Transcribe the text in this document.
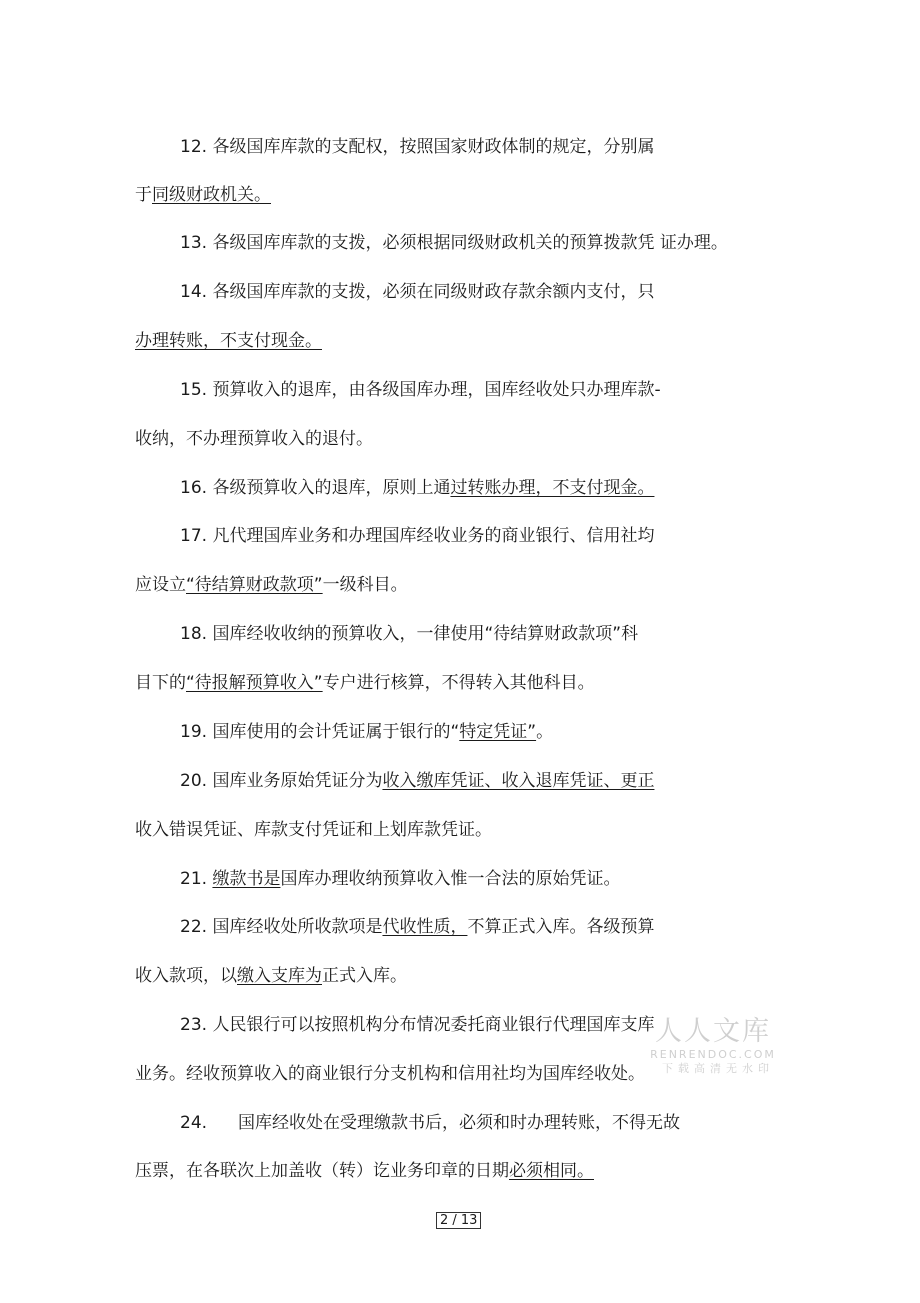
12. 各级国库库款的支配权，按照国家财政体制的规定，分别属
于同级财政机关。
13. 各级国库库款的支拨，必须根据同级财政机关的预算拨款凭 证办理。
14. 各级国库库款的支拨，必须在同级财政存款余额内支付，只
办理转账，不支付现金。
15. 预算收入的退库，由各级国库办理，国库经收处只办理库款-
收纳，不办理预算收入的退付。
16. 各级预算收入的退库，原则上通过转账办理，不支付现金。
17. 凡代理国库业务和办理国库经收业务的商业银行、信用社均
应设立“待结算财政款项”一级科目。
18. 国库经收收纳的预算收入，一律使用“待结算财政款项”科
目下的“待报解预算收入”专户进行核算，不得转入其他科目。
19. 国库使用的会计凭证属于银行的“特定凭证”。
20. 国库业务原始凭证分为收入缴库凭证、收入退库凭证、更正
收入错误凭证、库款支付凭证和上划库款凭证。
21. 缴款书是国库办理收纳预算收入惟一合法的原始凭证。
22. 国库经收处所收款项是代收性质，不算正式入库。各级预算
收入款项，以缴入支库为正式入库。
23. 人民银行可以按照机构分布情况委托商业银行代理国库支库
业务。经收预算收入的商业银行分支机构和信用社均为国库经收处。
24. 国库经收处在受理缴款书后，必须和时办理转账，不得无故
压票，在各联次上加盖收（转）讫业务印章的日期必须相同。
人人文库
RENRENDOC.COM
下载高清无水印
2 / 13
